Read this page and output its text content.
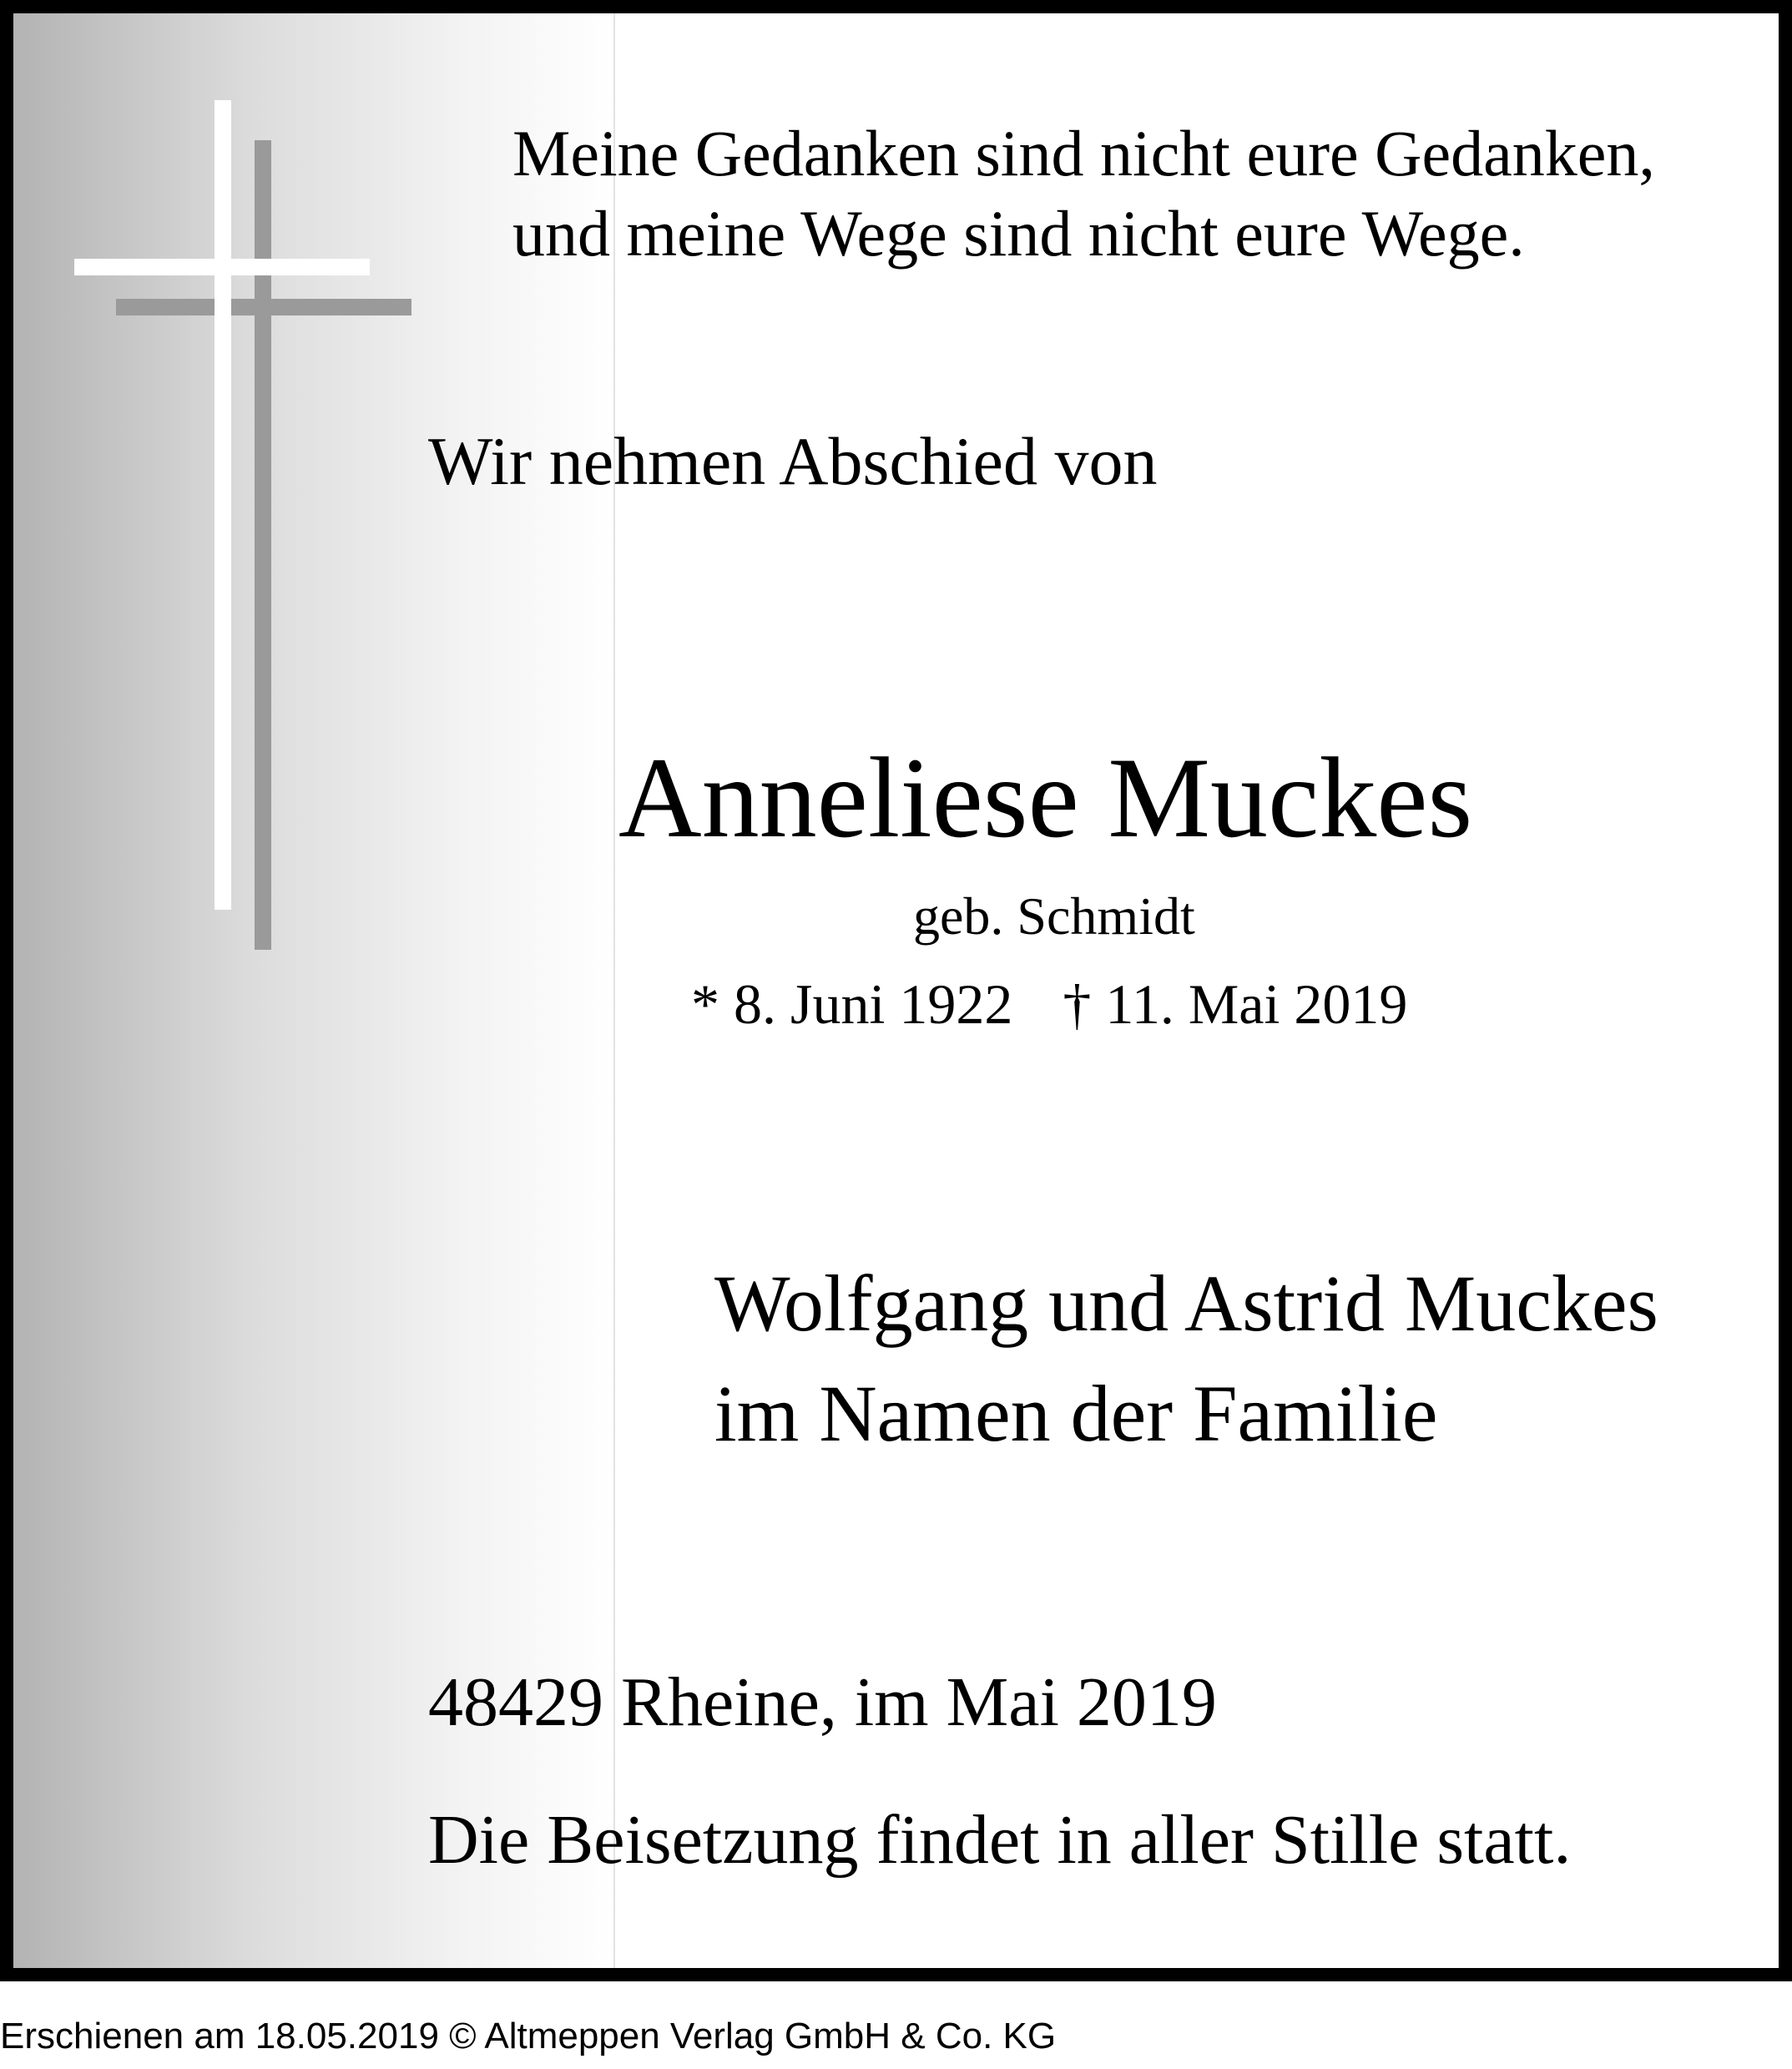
Meine Gedanken sind nicht eure Gedanken,
und meine Wege sind nicht eure Wege.
Wir nehmen Abschied von
Anneliese Muckes
geb. Schmidt
* 8. Juni 1922 † 11. Mai 2019
Wolfgang und Astrid Muckes
im Namen der Familie
48429 Rheine, im Mai 2019
Die Beisetzung findet in aller Stille statt.
Erschienen am 18.05.2019 © Altmeppen Verlag GmbH & Co. KG
